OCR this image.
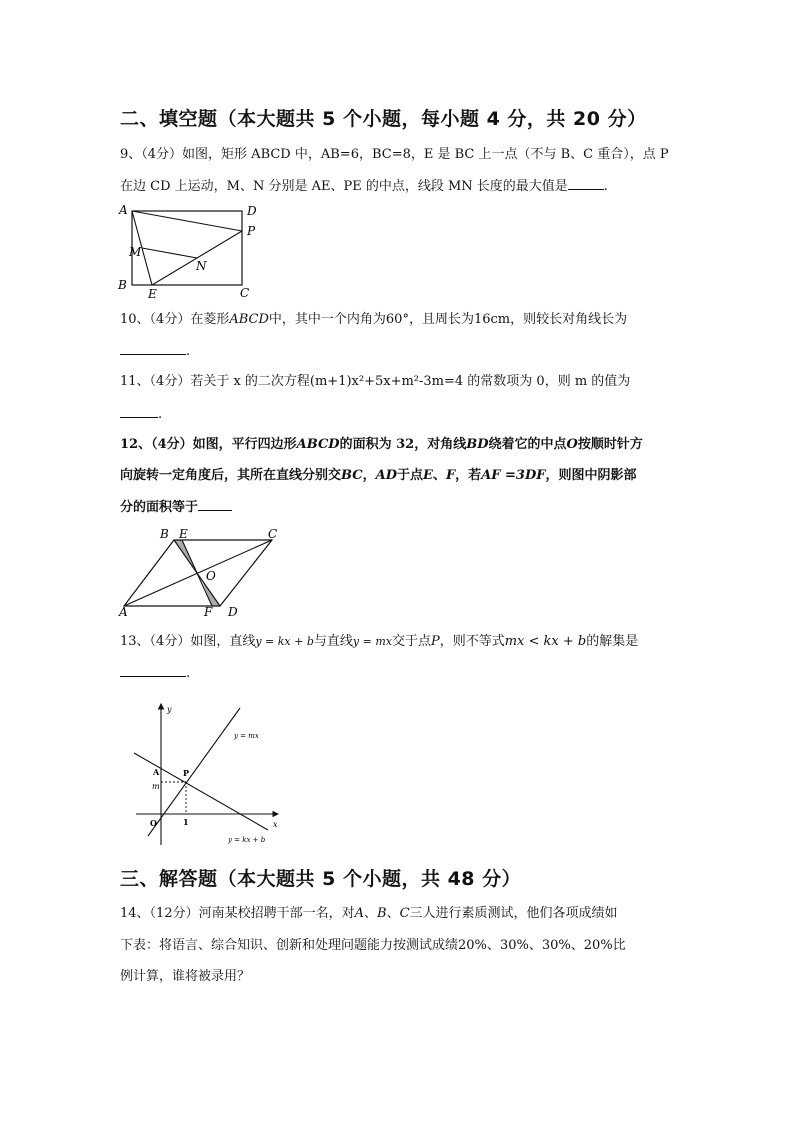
二、填空题（本大题共 5 个小题，每小题 4 分，共 20 分）
9、（4分）如图，矩形 ABCD 中，AB=6，BC=8，E 是 BC 上一点（不与 B、C 重合），点 P
在边 CD 上运动，M、N 分别是 AE、PE 的中点，线段 MN 长度的最大值是	.
A	D
P
M
N
B
E	C
10、（4分）在菱形ABCD中，其中一个内角为60°，且周长为16cm，则较长对角线长为
.
11、（4分）若关于 x 的二次方程(m+1)x²+5x+m²-3m=4 的常数项为 0，则 m 的值为
.
12、（4分）如图，平行四边形ABCD的面积为 32，对角线BD绕着它的中点O按顺时针方
向旋转一定角度后，其所在直线分别交BC，AD于点E、F，若AF =3DF，则图中阴影部
分的面积等于
B E	C
O
A	F D
13、（4分）如图，直线y = kx + b与直线y = mx交于点P，则不等式mx < kx + b的解集是
.
y
x
y = mx
y = kx + b
A	P
m
O	1
三、解答题（本大题共 5 个小题，共 48 分）
14、（12分）河南某校招聘干部一名，对A、B、C三人进行素质测试，他们各项成绩如
下表：将语言、综合知识、创新和处理问题能力按测试成绩20%、30%、30%、20%比
例计算，谁将被录用？
